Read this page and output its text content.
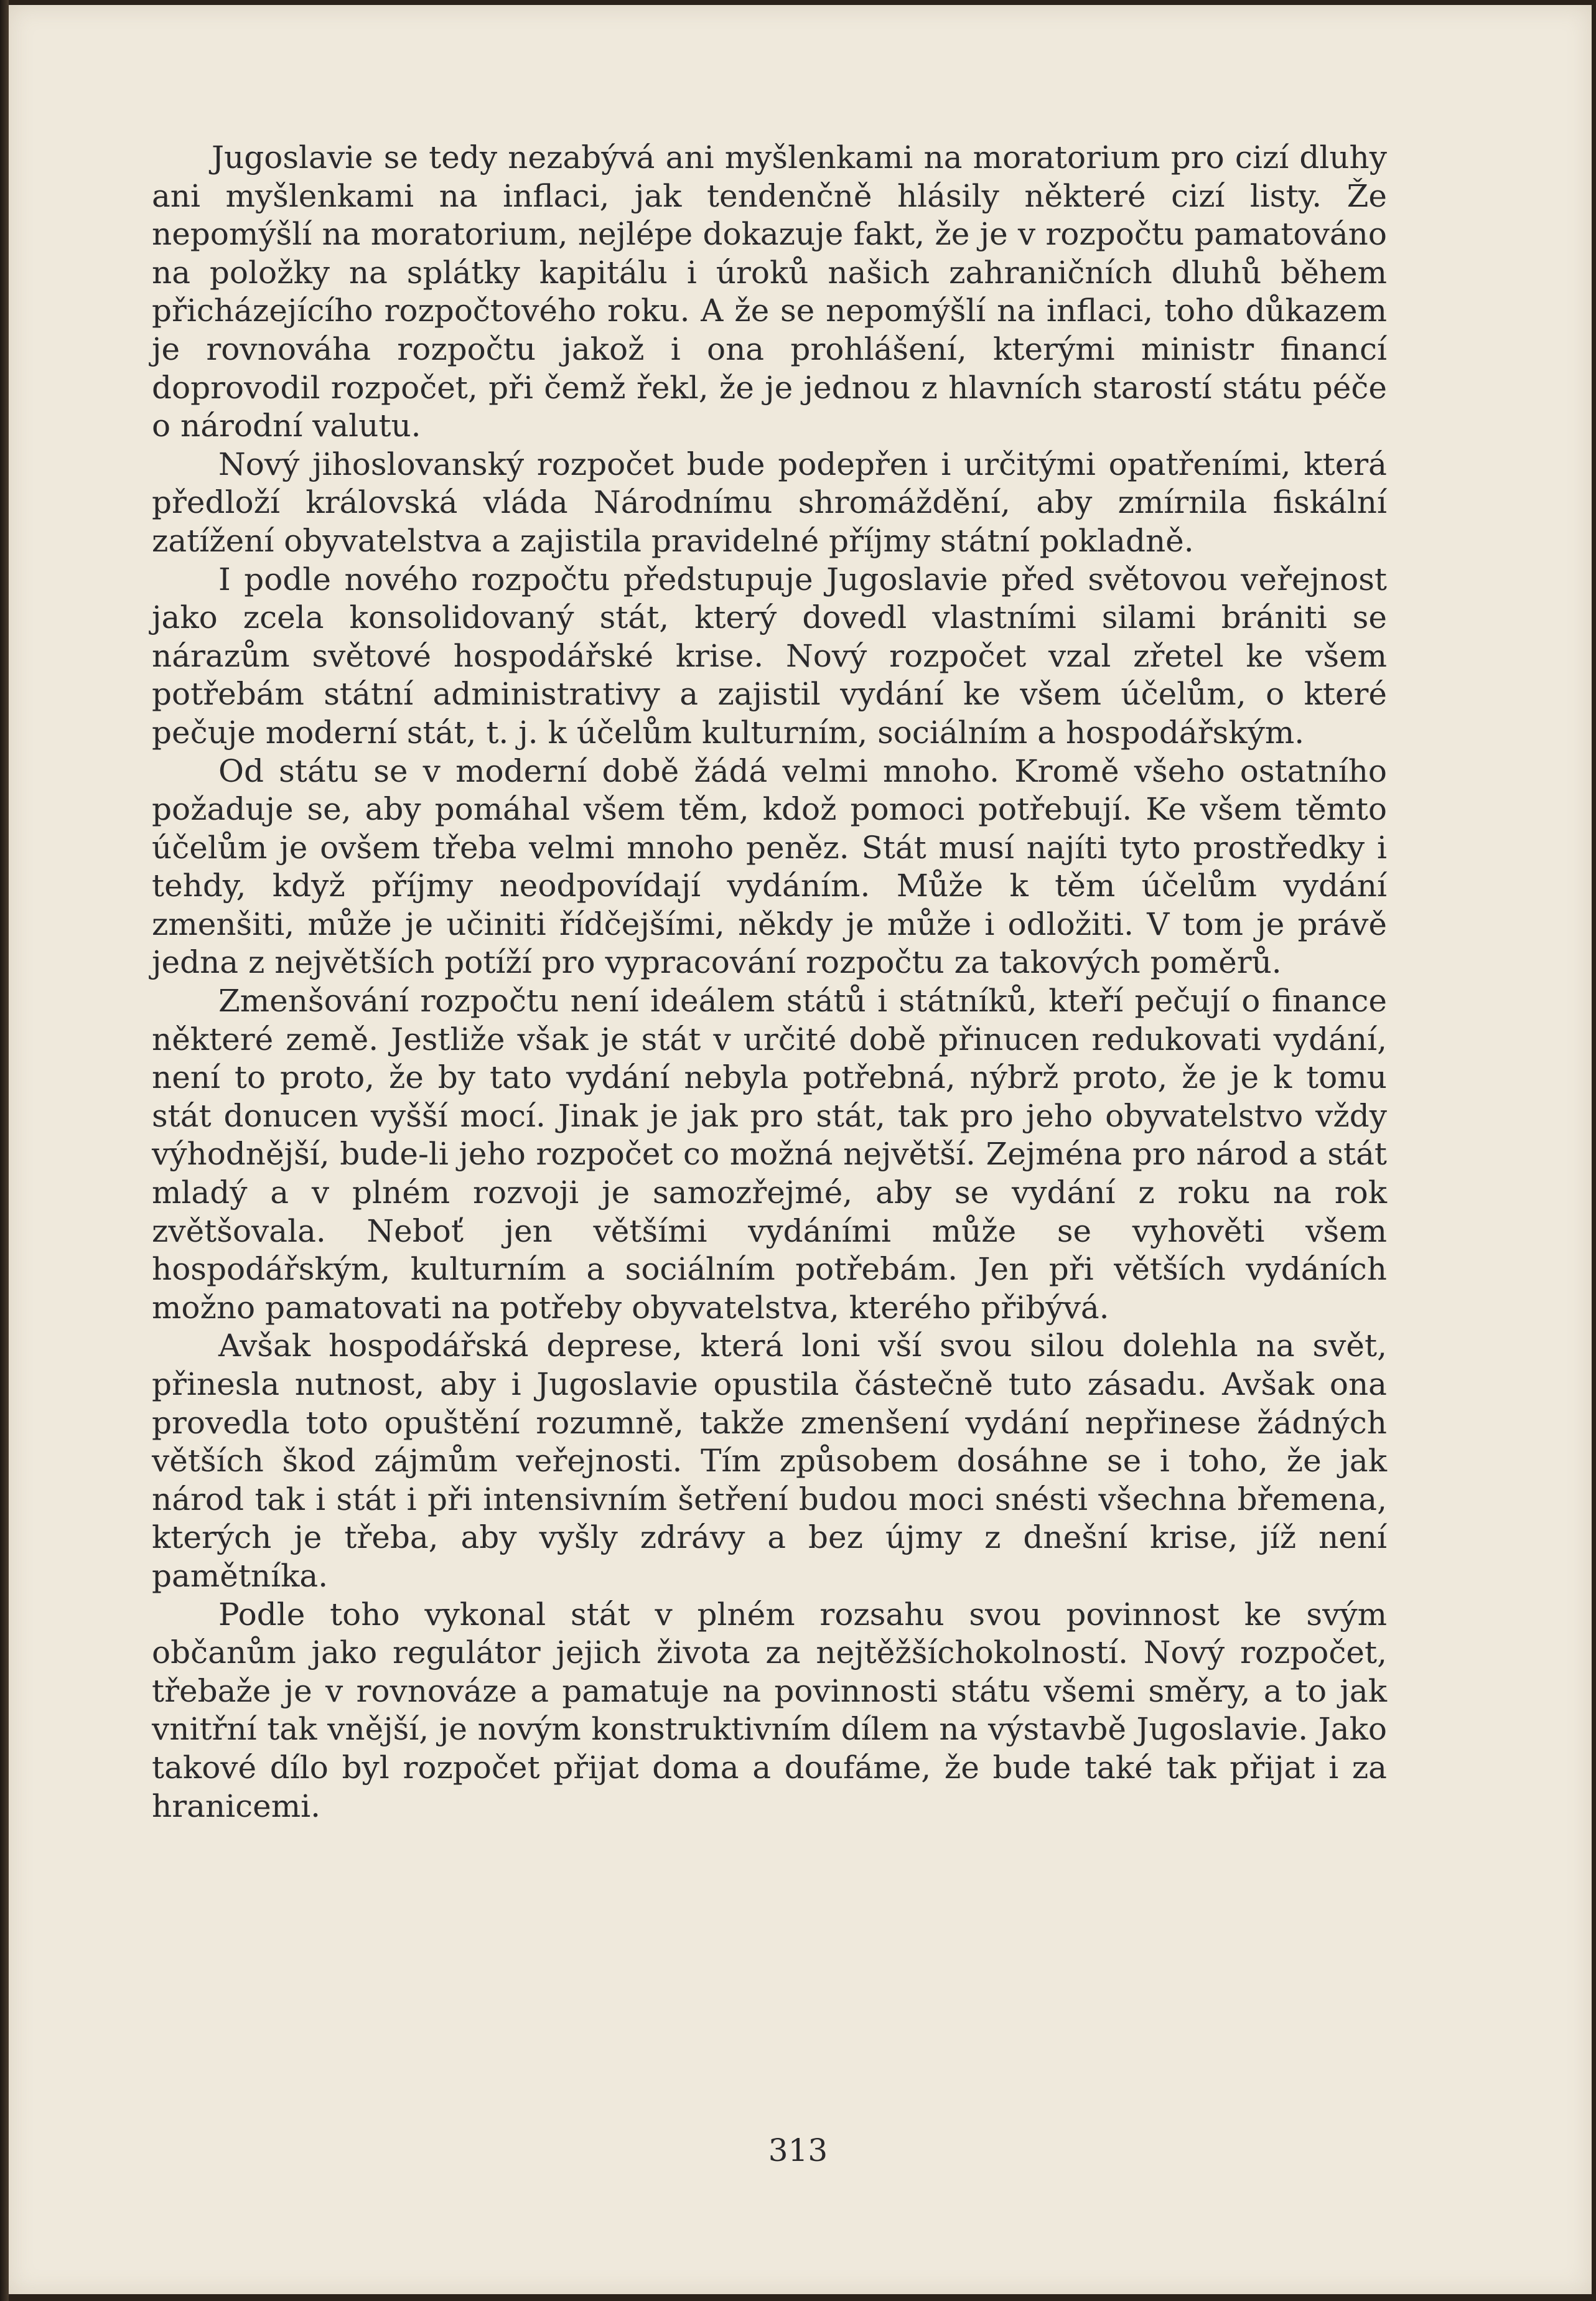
Jugoslavie se tedy nezabývá ani myšlenkami na moratorium pro cizí dluhy ani myšlenkami na inflaci, jak tendenčně hlásily některé cizí listy. Že nepomýšlí na moratorium, nejlépe dokazuje fakt, že je v rozpočtu pamatováno na položky na splátky kapitálu i úroků našich zahraničních dluhů během přicházejícího rozpočtového roku. A že se nepomýšlí na inflaci, toho důkazem je rovnováha rozpočtu jakož i ona prohlášení, kterými ministr financí doprovodil rozpočet, při čemž řekl, že je jednou z hlavních starostí státu péče o národní valutu.

Nový jihoslovanský rozpočet bude podepřen i určitými opatřeními, která předloží královská vláda Národnímu shromáždění, aby zmírnila fiskální zatížení obyvatelstva a zajistila pravidelné příjmy státní pokladně.

I podle nového rozpočtu předstupuje Jugoslavie před světovou veřejnost jako zcela konsolidovaný stát, který dovedl vlastními silami brániti se nárazům světové hospodářské krise. Nový rozpočet vzal zřetel ke všem potřebám státní administrativy a zajistil vydání ke všem účelům, o které pečuje moderní stát, t. j. k účelům kulturním, sociálním a hospodářským.

Od státu se v moderní době žádá velmi mnoho. Kromě všeho ostatního požaduje se, aby pomáhal všem těm, kdož pomoci potřebují. Ke všem těmto účelům je ovšem třeba velmi mnoho peněz. Stát musí najíti tyto prostředky i tehdy, když příjmy neodpovídají vydáním. Může k těm účelům vydání zmenšiti, může je učiniti řídčejšími, někdy je může i odložiti. V tom je právě jedna z největších potíží pro vypracování rozpočtu za takových poměrů.

Zmenšování rozpočtu není ideálem států i státníků, kteří pečují o finance některé země. Jestliže však je stát v určité době přinucen redukovati vydání, není to proto, že by tato vydání nebyla potřebná, nýbrž proto, že je k tomu stát donucen vyšší mocí. Jinak je jak pro stát, tak pro jeho obyvatelstvo vždy výhodnější, bude-li jeho rozpočet co možná největší. Zejména pro národ a stát mladý a v plném rozvoji je samozřejmé, aby se vydání z roku na rok zvětšovala. Neboť jen většími vydáními může se vyhověti všem hospodářským, kulturním a sociálním potřebám. Jen při větších vydáních možno pamatovati na potřeby obyvatelstva, kterého přibývá.

Avšak hospodářská deprese, která loni vší svou silou dolehla na svět, přinesla nutnost, aby i Jugoslavie opustila částečně tuto zásadu. Avšak ona provedla toto opuštění rozumně, takže zmenšení vydání nepřinese žádných větších škod zájmům veřejnosti. Tím způsobem dosáhne se i toho, že jak národ tak i stát i při intensivním šetření budou moci snésti všechna břemena, kterých je třeba, aby vyšly zdrávy a bez újmy z dnešní krise, jíž není pamětníka.

Podle toho vykonal stát v plném rozsahu svou povinnost ke svým občanům jako regulátor jejich života za nejtěžšíchokolností. Nový rozpočet, třebaže je v rovnováze a pamatuje na povinnosti státu všemi směry, a to jak vnitřní tak vnější, je novým konstruktivním dílem na výstavbě Jugoslavie. Jako takové dílo byl rozpočet přijat doma a doufáme, že bude také tak přijat i za hranicemi.

313
